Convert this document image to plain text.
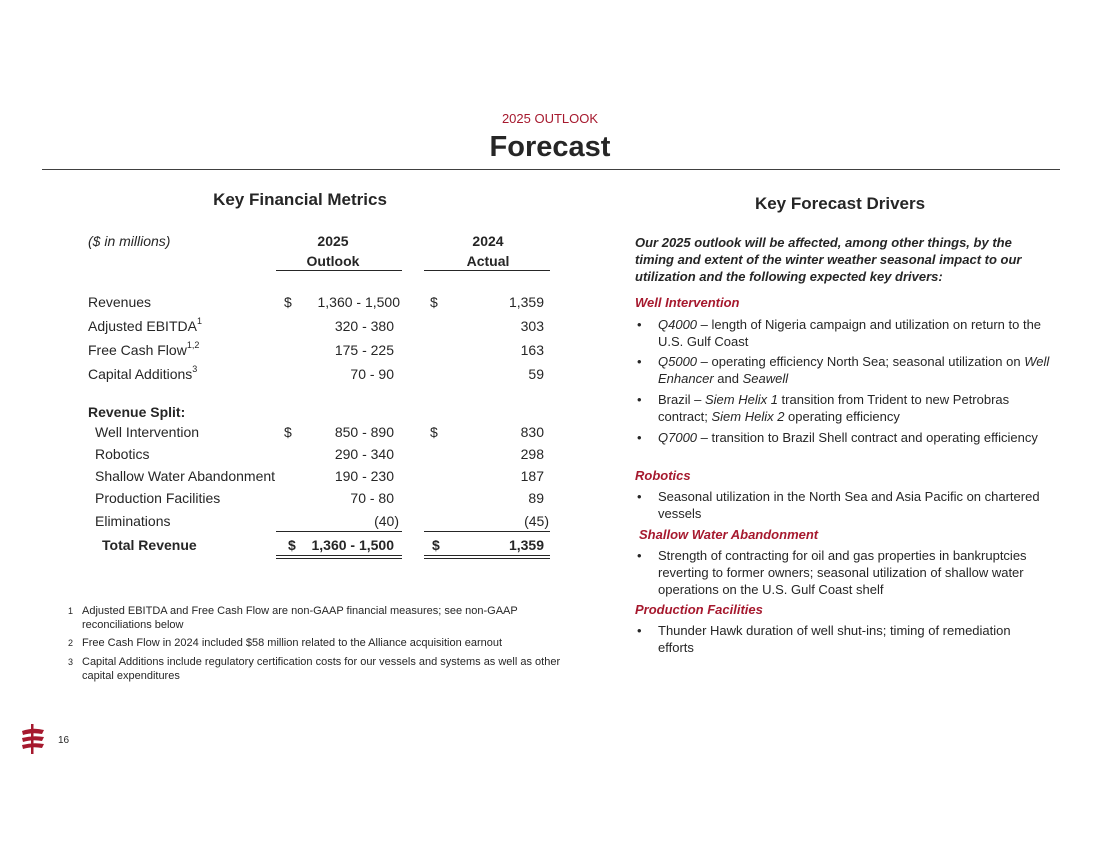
2025 OUTLOOK
Forecast
Key Financial Metrics
($ in millions)	2025
Outlook
2024
Actual
Revenues	$	1,360 - 1,500 $	1,359
Adjusted EBITDA$^1$	320 - 380	303
Free Cash Flow$^{1,2}$	175 - 225	163
Capital Additions$^3$	70 - 90	59
Revenue Split:
Well Intervention	$	850 - 890	$	830
Robotics	290 - 340	298
Shallow Water Abandonment	190 - 230	187
Production Facilities	70 - 80	89
Eliminations	(40)	(45)
Total Revenue	$	1,360 - 1,500	$	1,359
1 Adjusted EBITDA and Free Cash Flow are non-GAAP financial measures; see non-GAAP reconciliations below
2 Free Cash Flow in 2024 included $58 million related to the Alliance acquisition earnout
3 Capital Additions include regulatory certification costs for our vessels and systems as well as other capital expenditures
Key Forecast Drivers
Our 2025 outlook will be affected, among other things, by the timing and extent of the winter weather seasonal impact to our utilization and the following expected key drivers:
Well Intervention
• Q4000 – length of Nigeria campaign and utilization on return to the U.S. Gulf Coast
• Q5000 – operating efficiency North Sea; seasonal utilization on Well Enhancer and Seawell
• Brazil – Siem Helix 1 transition from Trident to new Petrobras contract; Siem Helix 2 operating efficiency
• Q7000 – transition to Brazil Shell contract and operating efficiency
Robotics
• Seasonal utilization in the North Sea and Asia Pacific on chartered vessels
Shallow Water Abandonment
• Strength of contracting for oil and gas properties in bankruptcies reverting to former owners; seasonal utilization of shallow water operations on the U.S. Gulf Coast shelf
Production Facilities
• Thunder Hawk duration of well shut-ins; timing of remediation efforts
16
